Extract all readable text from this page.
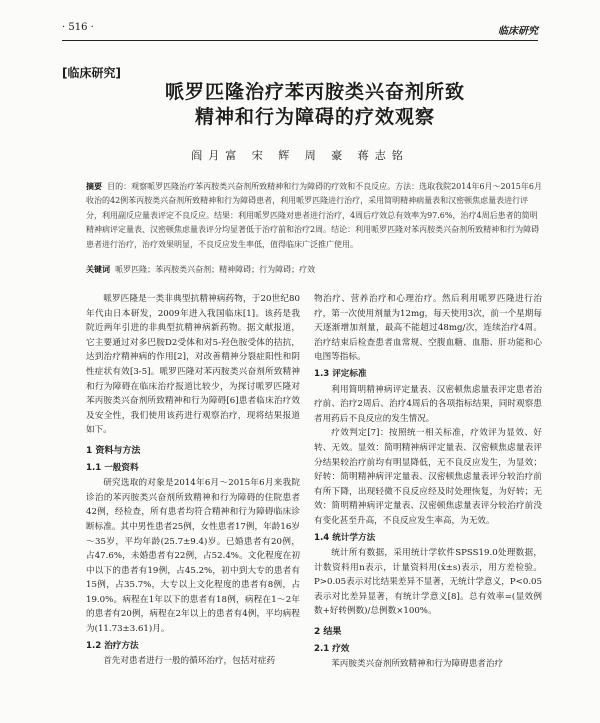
· 516 ·	临床研究
[临床研究]
哌罗匹隆治疗苯丙胺类兴奋剂所致
精神和行为障碍的疗效观察
阎月富 宋 辉 周 豪 蒋志铭
摘要 目的：观察哌罗匹隆治疗苯丙胺类兴奋剂所致精神和行为障碍的疗效和不良反应。方法：选取我院2014年6月～2015年6月收治的42例苯丙胺类兴奋剂所致精神和行为障碍患者，利用哌罗匹隆进行治疗，采用简明精神病量表和汉密顿焦虑量表进行评分，利用副反应量表评定不良反应。结果：利用哌罗匹隆对患者进行治疗，4周后疗效总有效率为97.6%，治疗4周后患者的简明精神病评定量表、汉密顿焦虑量表评分均显著低于治疗前和治疗2周。结论：利用哌罗匹隆对苯丙胺类兴奋剂所致精神和行为障碍患者进行治疗，治疗效果明显，不良反应发生率低，值得临床广泛推广使用。
关键词 哌罗匹隆；苯丙胺类兴奋剂；精神障碍；行为障碍；疗效

哌罗匹隆是一类非典型抗精神病药物，于20世纪80年代由日本研发，2009年进入我国临床[1]。该药是我院近两年引进的非典型抗精神病新药物。据文献报道，它主要通过对多巴胺D2受体和对5-羟色胺受体的拮抗，达到治疗精神病的作用[2]，对改善精神分裂症阳性和阴性症状有效[3-5]。哌罗匹隆对苯丙胺类兴奋剂所致精神和行为障碍在临床治疗报道比较少，为探讨哌罗匹隆对苯丙胺类兴奋剂所致精神和行为障碍[6]患者临床治疗效及安全性，我们使用该药进行观察治疗，现将结果报道如下。

1 资料与方法
1.1 一般资料

研究选取的对象是2014年6月～2015年6月来我院诊治的苯丙胺类兴奋剂所致精神和行为障碍的住院患者42例，经检查，所有患者均符合精神和行为障碍临床诊断标准。其中男性患者25例，女性患者17例，年龄16岁～35岁，平均年龄(25.7±9.4)岁。已婚患者有20例，占47.6%，未婚患者有22例，占52.4%。文化程度在初中以下的患者有19例，占45.2%，初中到大专的患者有15例，占35.7%，大专以上文化程度的患者有8例，占19.0%。病程在1年以下的患者有18例，病程在1～2年的患者有20例，病程在2年以上的患者有4例，平均病程为(11.73±3.61)月。

1.2 治疗方法

首先对患者进行一般的循环治疗，包括对症药

物治疗、营养治疗和心理治疗。然后利用哌罗匹隆进行治疗，第一次使用剂量为12mg，每天使用3次，前一个星期每天逐渐增加剂量，最高不能超过48mg/次，连续治疗4周。治疗结束后检查患者血常规、空腹血糖、血脂、肝功能和心电图等指标。

1.3 评定标准

利用简明精神病评定量表、汉密顿焦虑量表评定患者治疗前、治疗2周后、治疗4周后的各项指标结果，同时观察患者用药后不良反应的发生情况。

疗效判定[7]：按照统一相关标准，疗效评为显效、好转、无效。显效：简明精神病评定量表、汉密顿焦虑量表评分结果较治疗前均有明显降低，无不良反应发生，为显效；好转：简明精神病评定量表、汉密顿焦虑量表评分较治疗前有所下降，出现轻微不良反应经及时处理恢复，为好转；无效：简明精神病评定量表、汉密顿焦虑量表评分较治疗前没有变化甚至升高，不良反应发生率高，为无效。

1.4 统计学方法

统计所有数据，采用统计学软件SPSS19.0处理数据，计数资料用n表示，计量资料用(x̄±s)表示，用方差检验。P>0.05表示对比结果差异不显著，无统计学意义，P<0.05表示对比差异显著，有统计学意义[8]。总有效率=(显效例数+好转例数)/总例数×100%。

2 结果
2.1 疗效

苯丙胺类兴奋剂所致精神和行为障碍患者治疗
